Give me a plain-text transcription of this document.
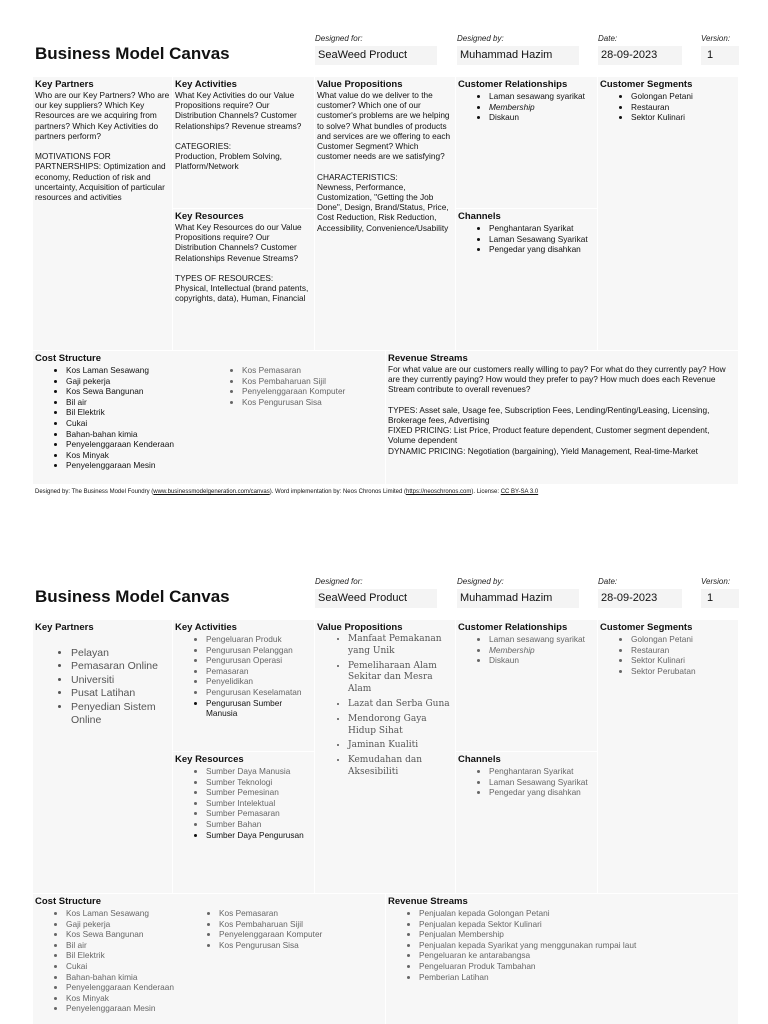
Business Model Canvas
Designed for:
SeaWeed Product
Designed by:
Muhammad Hazim
Date:
28-09-2023
Version:
1
Key Partners

Who are our Key Partners? Who are our key suppliers? Which Key Resources are we acquiring from partners? Which Key Activities do partners perform?

MOTIVATIONS FOR PARTNERSHIPS: Optimization and economy, Reduction of risk and uncertainty, Acquisition of particular resources and activities

Key Activities

What Key Activities do our Value Propositions require? Our Distribution Channels? Customer Relationships? Revenue streams?

CATEGORIES:
Production, Problem Solving, Platform/Network

Key Resources

What Key Resources do our Value Propositions require? Our Distribution Channels? Customer Relationships Revenue Streams?

TYPES OF RESOURCES:
Physical, Intellectual (brand patents, copyrights, data), Human, Financial

Value Propositions

What value do we deliver to the customer? Which one of our customer's problems are we helping to solve? What bundles of products and services are we offering to each Customer Segment? Which customer needs are we satisfying?

CHARACTERISTICS:
Newness, Performance, Customization, "Getting the Job Done", Design, Brand/Status, Price, Cost Reduction, Risk Reduction, Accessibility, Convenience/Usability

Customer Relationships
• Laman sesawang syarikat
• Membership
• Diskaun
Channels
• Penghantaran Syarikat
• Laman Sesawang Syarikat
• Pengedar yang disahkan
Customer Segments
• Golongan Petani
• Restauran
• Sektor Kulinari
Cost Structure
• Kos Laman Sesawang
• Gaji pekerja
• Kos Sewa Bangunan
• Bil air
• Bil Elektrik
• Cukai
• Bahan-bahan kimia
• Penyelenggaraan Kenderaan
• Kos Minyak
• Penyelenggaraan Mesin
• Kos Pemasaran
• Kos Pembaharuan Sijil
• Penyelenggaraan Komputer
• Kos Pengurusan Sisa
Revenue Streams

For what value are our customers really willing to pay? For what do they currently pay? How are they currently paying? How would they prefer to pay? How much does each Revenue Stream contribute to overall revenues?

TYPES: Asset sale, Usage fee, Subscription Fees, Lending/Renting/Leasing, Licensing, Brokerage fees, Advertising
FIXED PRICING: List Price, Product feature dependent, Customer segment dependent, Volume dependent
DYNAMIC PRICING: Negotiation (bargaining), Yield Management, Real-time-Market

Designed by: The Business Model Foundry (www.businessmodelgeneration.com/canvas). Word implementation by: Neos Chronos Limited (https://neoschronos.com). License: CC BY-SA 3.0
Business Model Canvas
Designed for:
SeaWeed Product
Designed by:
Muhammad Hazim
Date:
28-09-2023
Version:
1
Key Partners
• Pelayan
• Pemasaran Online
• Universiti
• Pusat Latihan
• Penyedian Sistem Online
Key Activities
• Pengeluaran Produk
• Pengurusan Pelanggan
• Pengurusan Operasi
• Pemasaran
• Penyelidikan
• Pengurusan Keselamatan
• Pengurusan Sumber Manusia
Key Resources
• Sumber Daya Manusia
• Sumber Teknologi
• Sumber Pemesinan
• Sumber Intelektual
• Sumber Pemasaran
• Sumber Bahan
• Sumber Daya Pengurusan
Value Propositions
• Manfaat Pemakanan yang Unik
• Pemeliharaan Alam Sekitar dan Mesra Alam
• Lazat dan Serba Guna
• Mendorong Gaya Hidup Sihat
• Jaminan Kualiti
• Kemudahan dan Aksesibiliti
Customer Relationships
• Laman sesawang syarikat
• Membership
• Diskaun
Channels
• Penghantaran Syarikat
• Laman Sesawang Syarikat
• Pengedar yang disahkan
Customer Segments
• Golongan Petani
• Restauran
• Sektor Kulinari
• Sektor Perubatan
Cost Structure
• Kos Laman Sesawang
• Gaji pekerja
• Kos Sewa Bangunan
• Bil air
• Bil Elektrik
• Cukai
• Bahan-bahan kimia
• Penyelenggaraan Kenderaan
• Kos Minyak
• Penyelenggaraan Mesin
• Kos Pemasaran
• Kos Pembaharuan Sijil
• Penyelenggaraan Komputer
• Kos Pengurusan Sisa
Revenue Streams
• Penjualan kepada Golongan Petani
• Penjualan kepada Sektor Kulinari
• Penjualan Membership
• Penjualan kepada Syarikat yang menggunakan rumpai laut
• Pengeluaran ke antarabangsa
• Pengeluaran Produk Tambahan
• Pemberian Latihan
